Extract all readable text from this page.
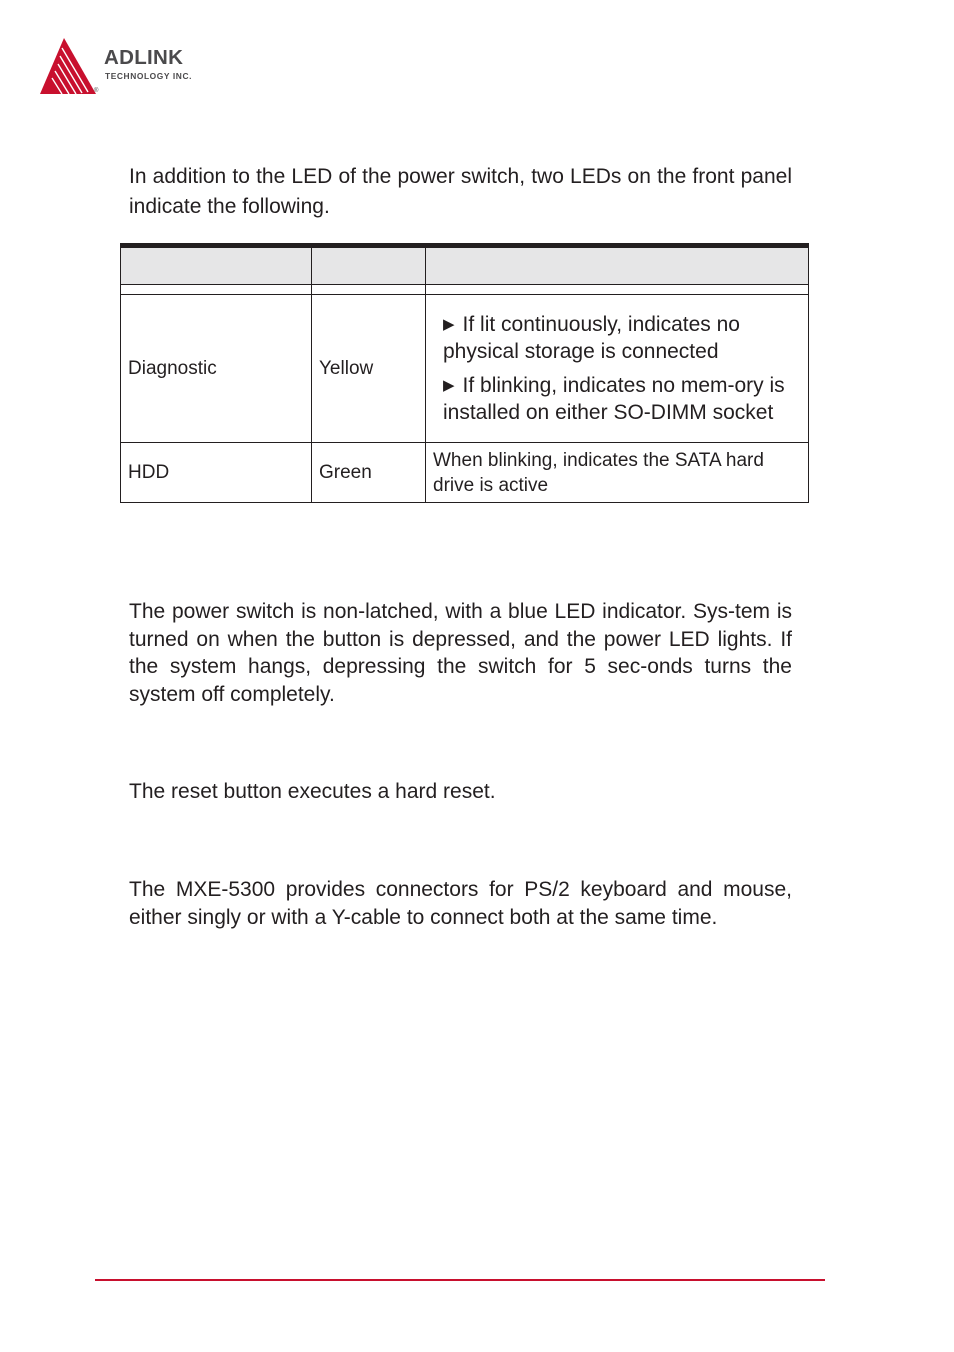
ADLINK
TECHNOLOGY INC.
®

In addition to the LED of the power switch, two LEDs on the front panel indicate the following.

Diagnostic	Yellow	▶ If lit continuously, indicates no physical storage is connected

▶ If blinking, indicates no mem-ory is installed on either SO-DIMM socket

HDD	Green	When blinking, indicates the SATA hard drive is active

The power switch is non-latched, with a blue LED indicator. Sys-tem is turned on when the button is depressed, and the power LED lights. If the system hangs, depressing the switch for 5 sec-onds turns the system off completely.

The reset button executes a hard reset.

The MXE-5300 provides connectors for PS/2 keyboard and mouse, either singly or with a Y-cable to connect both at the same time.
